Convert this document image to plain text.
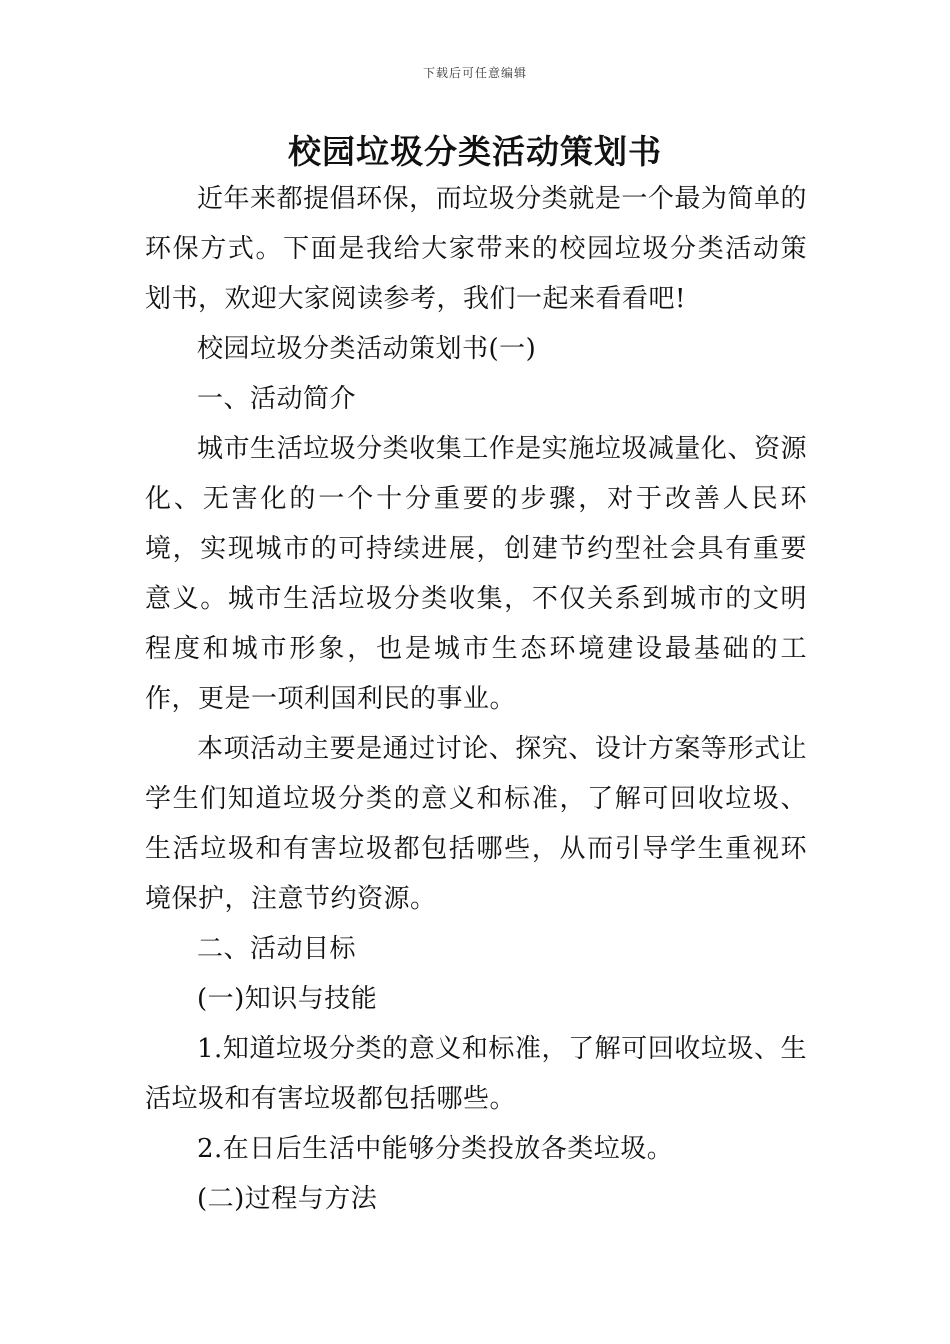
下载后可任意编辑
校园垃圾分类活动策划书

近年来都提倡环保，而垃圾分类就是一个最为简单的环保方式。下面是我给大家带来的校园垃圾分类活动策划书，欢迎大家阅读参考，我们一起来看看吧!

校园垃圾分类活动策划书(一)

一、活动简介

城市生活垃圾分类收集工作是实施垃圾减量化、资源化、无害化的一个十分重要的步骤，对于改善人民环境，实现城市的可持续进展，创建节约型社会具有重要意义。城市生活垃圾分类收集，不仅关系到城市的文明程度和城市形象，也是城市生态环境建设最基础的工作，更是一项利国利民的事业。

本项活动主要是通过讨论、探究、设计方案等形式让学生们知道垃圾分类的意义和标准，了解可回收垃圾、生活垃圾和有害垃圾都包括哪些，从而引导学生重视环境保护，注意节约资源。

二、活动目标

(一)知识与技能

1.知道垃圾分类的意义和标准，了解可回收垃圾、生活垃圾和有害垃圾都包括哪些。

2.在日后生活中能够分类投放各类垃圾。

(二)过程与方法
